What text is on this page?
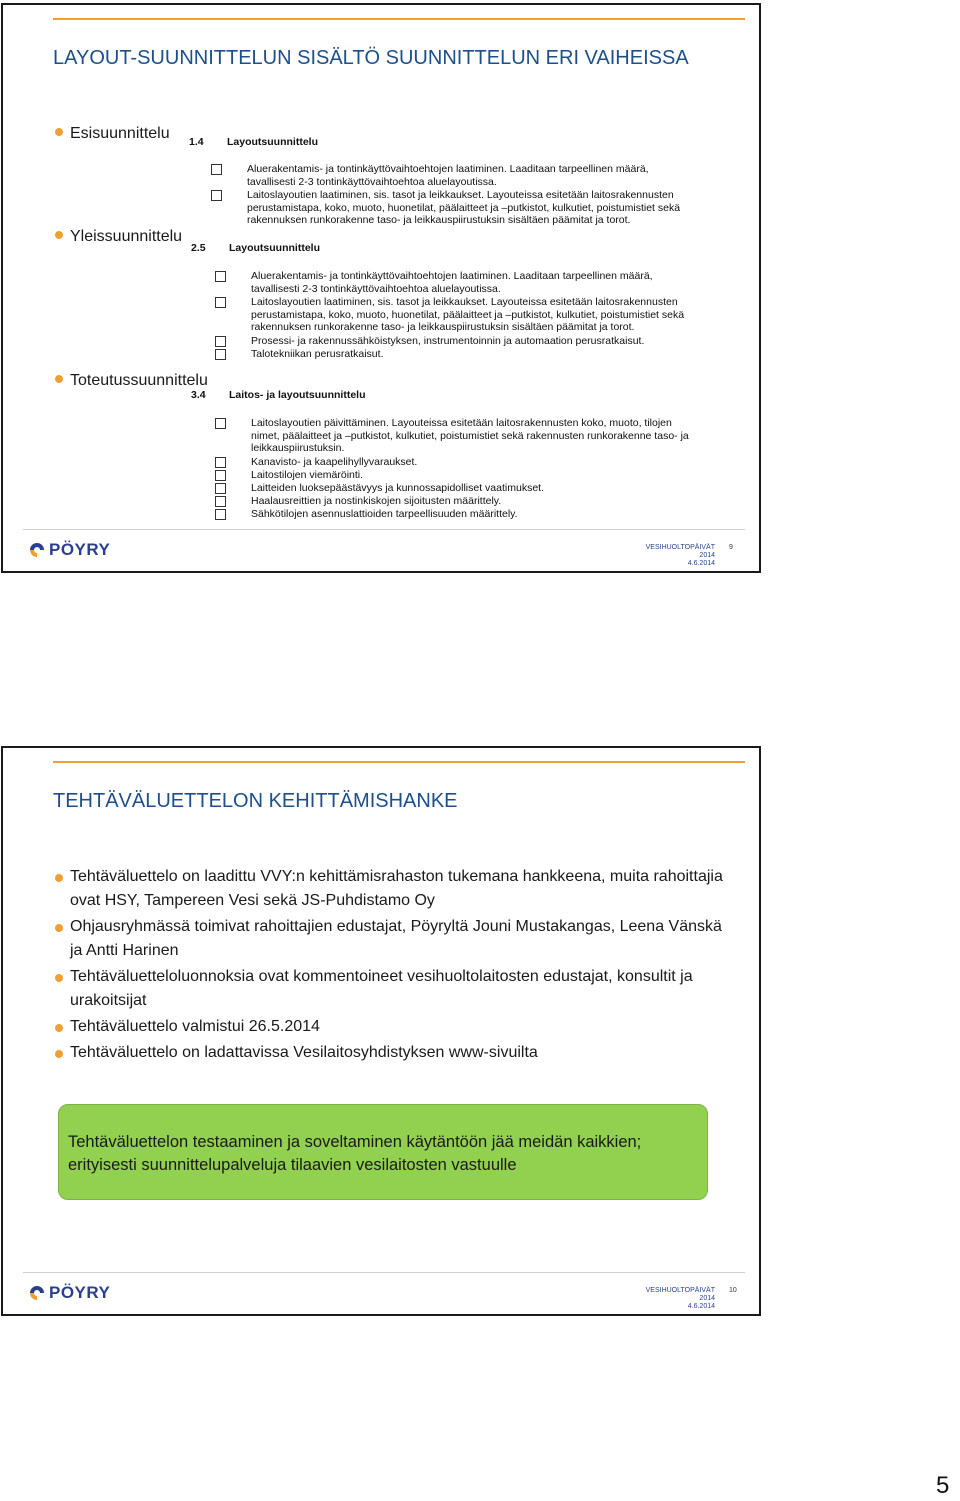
LAYOUT-SUUNNITTELUN SISÄLTÖ SUUNNITTELUN ERI VAIHEISSA
Esisuunnittelu
Yleissuunnittelu
Toteutussuunnittelu
1.4 Layoutsuunnittelu
Aluerakentamis- ja tontinkäyttövaihtoehtojen laatiminen. Laaditaan tarpeellinen määrä,
tavallisesti 2-3 tontinkäyttövaihtoehtoa aluelayoutissa.
Laitoslayoutien laatiminen, sis. tasot ja leikkaukset. Layouteissa esitetään laitosrakennusten
perustamistapa, koko, muoto, huonetilat, päälaitteet ja –putkistot, kulkutiet, poistumistiet sekä
rakennuksen runkorakenne taso- ja leikkauspiirustuksin sisältäen päämitat ja torot.
2.5 Layoutsuunnittelu
Aluerakentamis- ja tontinkäyttövaihtoehtojen laatiminen. Laaditaan tarpeellinen määrä,
tavallisesti 2-3 tontinkäyttövaihtoehtoa aluelayoutissa.
Laitoslayoutien laatiminen, sis. tasot ja leikkaukset. Layouteissa esitetään laitosrakennusten
perustamistapa, koko, muoto, huonetilat, päälaitteet ja –putkistot, kulkutiet, poistumistiet sekä
rakennuksen runkorakenne taso- ja leikkauspiirustuksin sisältäen päämitat ja torot.
Prosessi- ja rakennussähköistyksen, instrumentoinnin ja automaation perusratkaisut.
Talotekniikan perusratkaisut.
3.4 Laitos- ja layoutsuunnittelu
Laitoslayoutien päivittäminen. Layouteissa esitetään laitosrakennusten koko, muoto, tilojen
nimet, päälaitteet ja –putkistot, kulkutiet, poistumistiet sekä rakennusten runkorakenne taso- ja
leikkauspiirustuksin.
Kanavisto- ja kaapelihyllyvaraukset.
Laitostilojen viemäröinti.
Laitteiden luoksepäästävyys ja kunnossapidolliset vaatimukset.
Haalausreittien ja nostinkiskojen sijoitusten määrittely.
Sähkötilojen asennuslattioiden tarpeellisuuden määrittely.
PÖYRY	VESIHUOLTOPÄIVÄT 2014
4.6.2014
9
TEHTÄVÄLUETTELON KEHITTÄMISHANKE
Tehtäväluettelo on laadittu VVY:n kehittämisrahaston tukemana hankkeena, muita rahoittajia ovat HSY, Tampereen Vesi sekä JS-Puhdistamo Oy
Ohjausryhmässä toimivat rahoittajien edustajat, Pöyryltä Jouni Mustakangas, Leena Vänskä ja Antti Harinen
Tehtäväluetteloluonnoksia ovat kommentoineet vesihuoltolaitosten edustajat, konsultit ja urakoitsijat
Tehtäväluettelo valmistui 26.5.2014
Tehtäväluettelo on ladattavissa Vesilaitosyhdistyksen www-sivuilta
Tehtäväluettelon testaaminen ja soveltaminen käytäntöön jää meidän kaikkien; erityisesti suunnittelupalveluja tilaavien vesilaitosten vastuulle
PÖYRY	VESIHUOLTOPÄIVÄT 2014
4.6.2014
10
5
